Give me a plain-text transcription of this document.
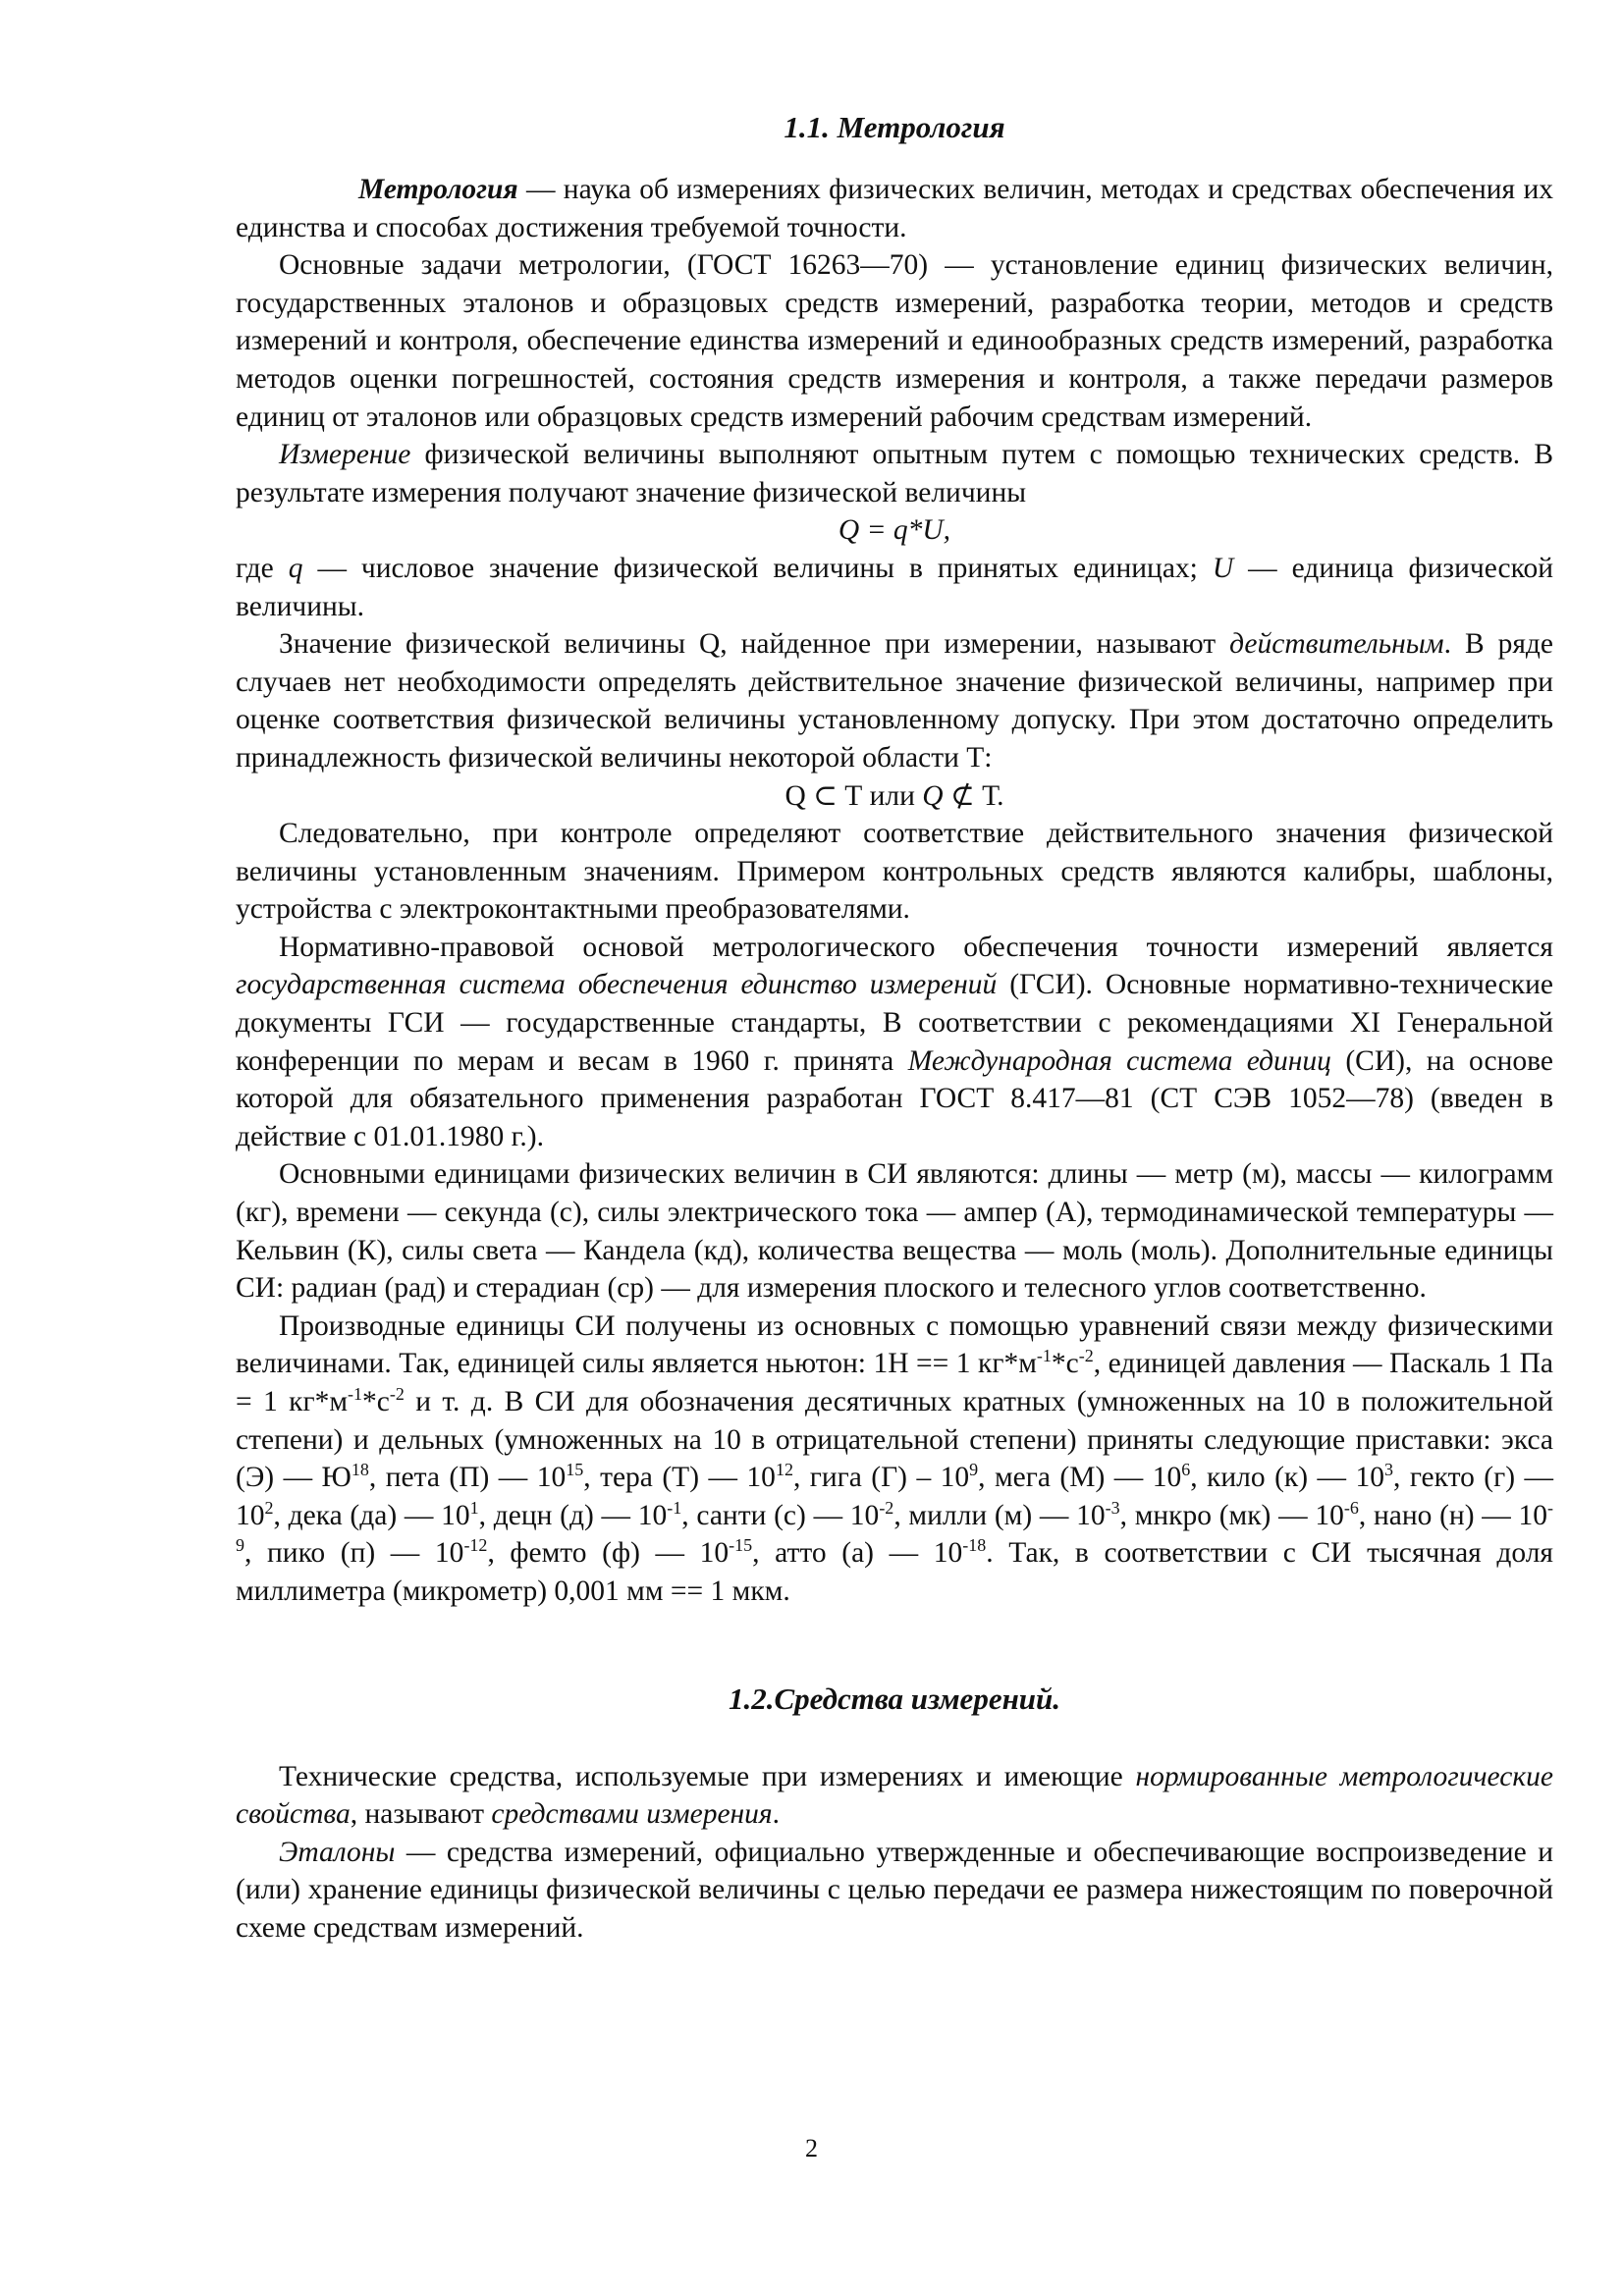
1.1. Метрология

Метрология — наука об измерениях физических величин, методах и средствах обеспечения их единства и способах достижения требуемой точности.

Основные задачи метрологии, (ГОСТ 16263—70) — установление единиц физических величин, государственных эталонов и образцовых средств измерений, разработка теории, методов и средств измерений и контроля, обеспечение единства измерений и единообразных средств измерений, разработка методов оценки погрешностей, состояния средств измерения и контроля, а также передачи размеров единиц от эталонов или образцовых средств измерений рабочим средствам измерений.

Измерение физической величины выполняют опытным путем с помощью технических средств. В результате измерения получают значение физической величины

Q = q*U,

где q — числовое значение физической величины в принятых единицах; U — единица физической величины.

Значение физической величины Q, найденное при измерении, называют действительным. В ряде случаев нет необходимости определять действительное значение физической величины, например при оценке соответствия физической величины установленному допуску. При этом достаточно определить принадлежность физической величины некоторой области Т:

Q ⊂ Т или Q ⊄ Т.

Следовательно, при контроле определяют соответствие действительного значения физической величины установленным значениям. Примером контрольных средств являются калибры, шаблоны, устройства с электроконтактными преобразователями.

Нормативно-правовой основой метрологического обеспечения точности измерений является государственная система обеспечения единство измерений (ГСИ). Основные нормативно-технические документы ГСИ — государственные стандарты, В соответствии с рекомендациями XI Генеральной конференции по мерам и весам в 1960 г. принята Международная система единиц (СИ), на основе которой для обязательного применения разработан ГОСТ 8.417—81 (СТ СЭВ 1052—78) (введен в действие с 01.01.1980 г.).

Основными единицами физических величин в СИ являются: длины — метр (м), массы — килограмм (кг), времени — секунда (с), силы электрического тока — ампер (А), термодинамической температуры — Кельвин (К), силы света — Кандела (кд), количества вещества — моль (моль). Дополнительные единицы СИ: радиан (рад) и стерадиан (ср) — для измерения плоского и телесного углов соответственно.

Производные единицы СИ получены из основных с помощью уравнений связи между физическими величинами. Так, единицей силы является ньютон: 1Н == 1 $кг*м^{-1}*с^{-2}$, единицей давления — Паскаль 1 Па = 1 $кг*м^{-1}*с^{-2}$ и т. д. В СИ для обозначения десятичных кратных (умноженных на 10 в положительной степени) и дельных (умноженных на 10 в отрицательной степени) приняты следующие приставки: экса (Э) — $Ю^{18}$, пета (П) — $10^{15}$, тера (Т) — $10^{12}$, гига $(Г) - 10^9$, мега (М) — $10^6$, кило (к) — $10^3$, гекто (г) — $10^2$, дека (да) — $10^1$, децн (д) — $10^{-1}$, санти (с) — $10^{-2}$, милли (м) — $10^{-3}$, мнкро (мк) — $10^{-6}$, нано (н) — $10^{-9}$, пико (п) — $10^{-12}$, фемто (ф) — $10^{-15}$, атто (а) — $10^{-18}$. Так, в соответствии с СИ тысячная доля миллиметра (микрометр) 0,001 мм == 1 мкм.

1.2.Средства измерений.

Технические средства, используемые при измерениях и имеющие нормированные метрологические свойства, называют средствами измерения.

Эталоны — средства измерений, официально утвержденные и обеспечивающие воспроизведение и (или) хранение единицы физической величины с целью передачи ее размера нижестоящим по поверочной схеме средствам измерений.

2
